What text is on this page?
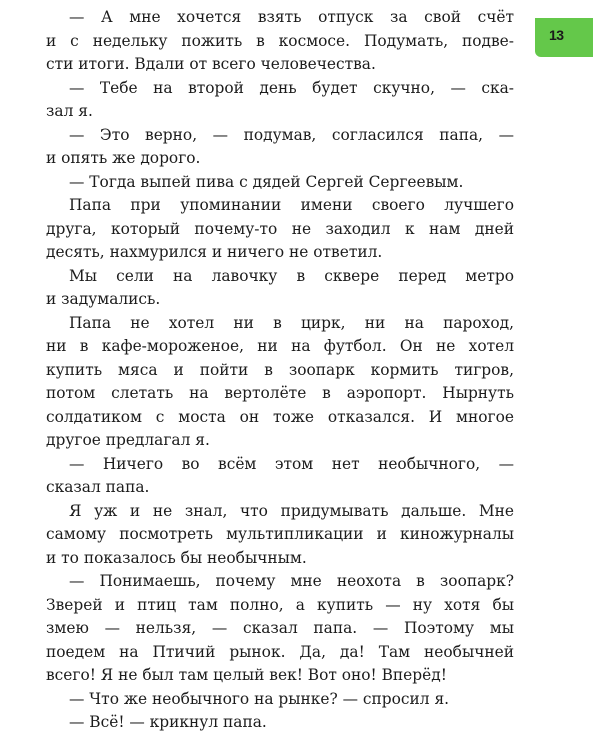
13
— А мне хочется взять отпуск за свой счёт
и с недельку пожить в космосе. Подумать, подве-
сти итоги. Вдали от всего человечества.
— Тебе на второй день будет скучно, — ска-
зал я.
— Это верно, — подумав, согласился папа, —
и опять же дорого.
— Тогда выпей пива с дядей Сергей Сергеевым.
Папа при упоминании имени своего лучшего
друга, который почему-то не заходил к нам дней
десять, нахмурился и ничего не ответил.
Мы сели на лавочку в сквере перед метро
и задумались.
Папа не хотел ни в цирк, ни на пароход,
ни в кафе-мороженое, ни на футбол. Он не хотел
купить мяса и пойти в зоопарк кормить тигров,
потом слетать на вертолёте в аэропорт. Нырнуть
солдатиком с моста он тоже отказался. И многое
другое предлагал я.
— Ничего во всём этом нет необычного, —
сказал папа.
Я уж и не знал, что придумывать дальше. Мне
самому посмотреть мультипликации и киножурналы
и то показалось бы необычным.
— Понимаешь, почему мне неохота в зоопарк?
Зверей и птиц там полно, а купить — ну хотя бы
змею — нельзя, — сказал папа. — Поэтому мы
поедем на Птичий рынок. Да, да! Там необычней
всего! Я не был там целый век! Вот оно! Вперёд!
— Что же необычного на рынке? — спросил я.
— Всё! — крикнул папа.
